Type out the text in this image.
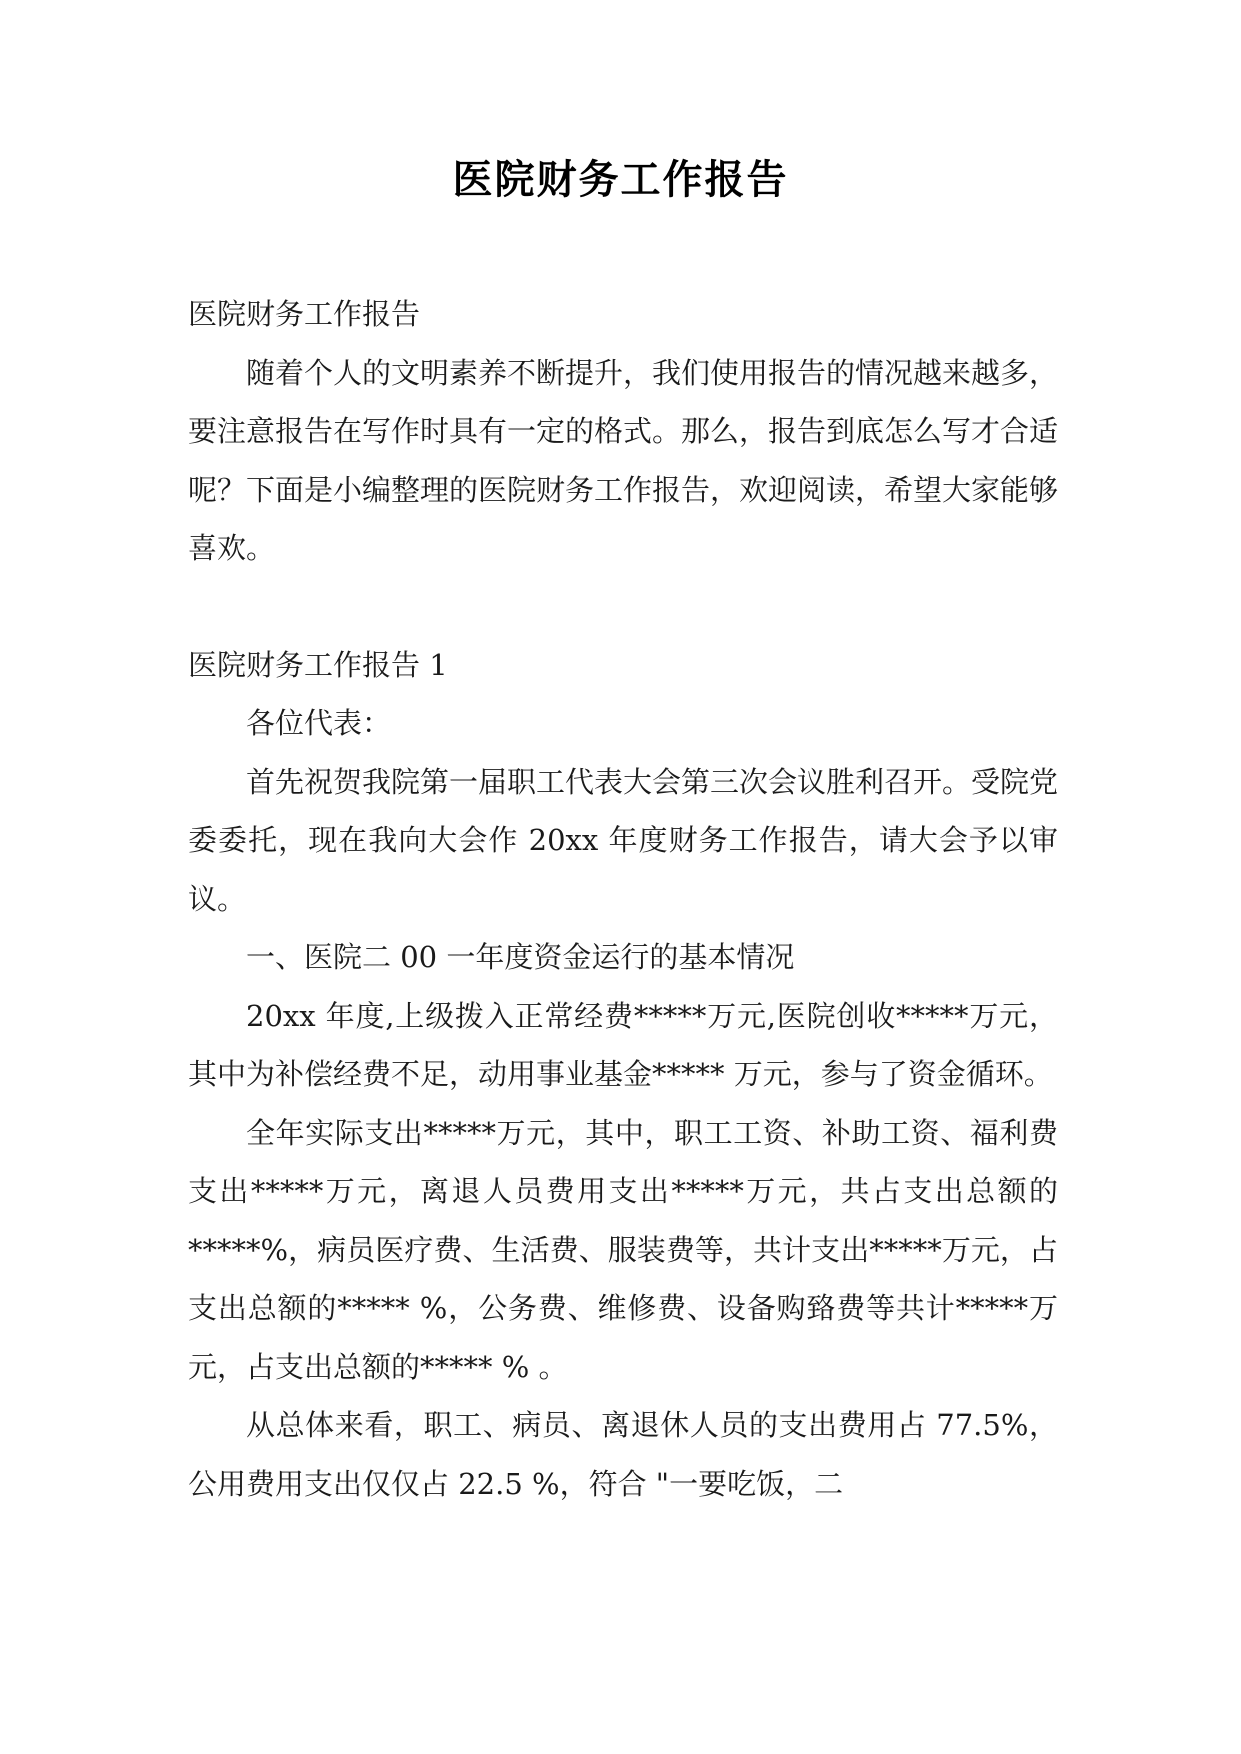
医院财务工作报告

医院财务工作报告

随着个人的文明素养不断提升，我们使用报告的情况越来越多，要注意报告在写作时具有一定的格式。那么，报告到底怎么写才合适呢？下面是小编整理的医院财务工作报告，欢迎阅读，希望大家能够喜欢。

医院财务工作报告 1

各位代表：

首先祝贺我院第一届职工代表大会第三次会议胜利召开。受院党委委托，现在我向大会作 20xx 年度财务工作报告，请大会予以审议。

一、医院二 00 一年度资金运行的基本情况

20xx 年度,上级拨入正常经费*****万元,医院创收*****万元，其中为补偿经费不足，动用事业基金***** 万元，参与了资金循环。

全年实际支出*****万元，其中，职工工资、补助工资、福利费支出*****万元，离退人员费用支出*****万元，共占支出总额的*****%，病员医疗费、生活费、服装费等，共计支出*****万元，占支出总额的***** %，公务费、维修费、设备购臵费等共计*****万元，占支出总额的***** % 。

从总体来看，职工、病员、离退休人员的支出费用占 77.5%，公用费用支出仅仅占 22.5 %，符合 "一要吃饭，二
